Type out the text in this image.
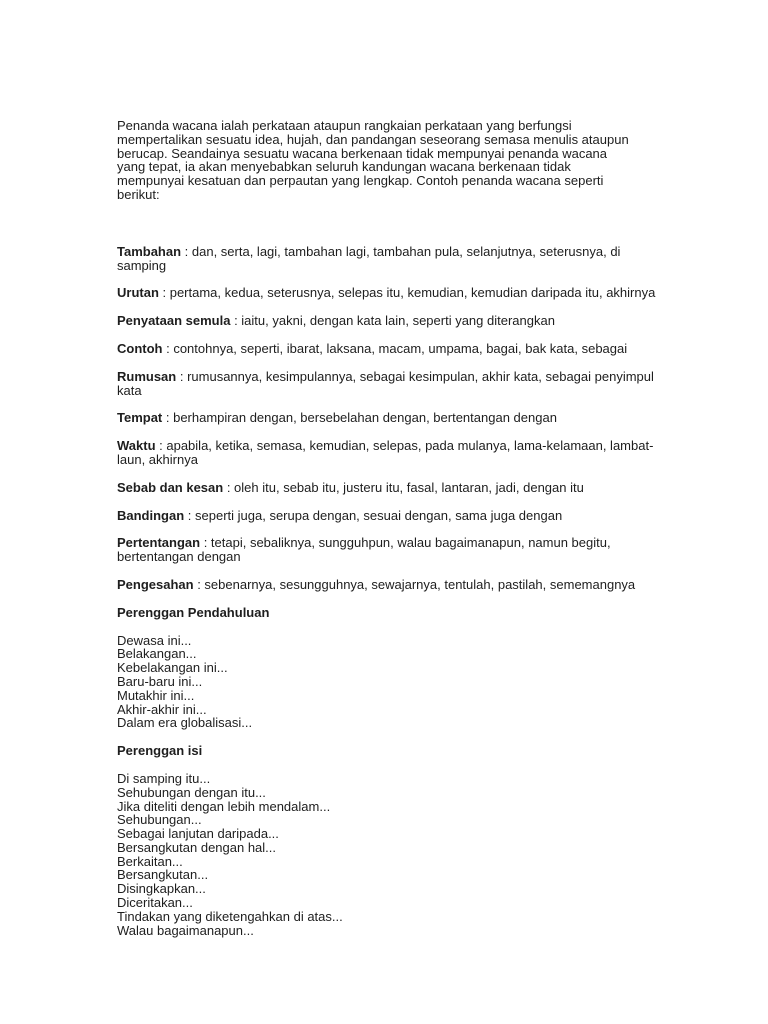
Penanda wacana ialah perkataan ataupun rangkaian perkataan yang berfungsi mempertalikan sesuatu idea, hujah, dan pandangan seseorang semasa menulis ataupun berucap. Seandainya sesuatu wacana berkenaan tidak mempunyai penanda wacana yang tepat, ia akan menyebabkan seluruh kandungan wacana berkenaan tidak mempunyai kesatuan dan perpautan yang lengkap. Contoh penanda wacana seperti berikut:

Tambahan : dan, serta, lagi, tambahan lagi, tambahan pula, selanjutnya, seterusnya, di samping

Urutan : pertama, kedua, seterusnya, selepas itu, kemudian, kemudian daripada itu, akhirnya

Penyataan semula : iaitu, yakni, dengan kata lain, seperti yang diterangkan

Contoh : contohnya, seperti, ibarat, laksana, macam, umpama, bagai, bak kata, sebagai

Rumusan : rumusannya, kesimpulannya, sebagai kesimpulan, akhir kata, sebagai penyimpul kata

Tempat : berhampiran dengan, bersebelahan dengan, bertentangan dengan

Waktu : apabila, ketika, semasa, kemudian, selepas, pada mulanya, lama-kelamaan, lambat-laun, akhirnya

Sebab dan kesan : oleh itu, sebab itu, justeru itu, fasal, lantaran, jadi, dengan itu

Bandingan : seperti juga, serupa dengan, sesuai dengan, sama juga dengan

Pertentangan : tetapi, sebaliknya, sungguhpun, walau bagaimanapun, namun begitu, bertentangan dengan

Pengesahan : sebenarnya, sesungguhnya, sewajarnya, tentulah, pastilah, sememangnya

Perenggan Pendahuluan
Dewasa ini...
Belakangan...
Kebelakangan ini...
Baru-baru ini...
Mutakhir ini...
Akhir-akhir ini...
Dalam era globalisasi...
Perenggan isi
Di samping itu...
Sehubungan dengan itu...
Jika diteliti dengan lebih mendalam...
Sehubungan...
Sebagai lanjutan daripada...
Bersangkutan dengan hal...
Berkaitan...
Bersangkutan...
Disingkapkan...
Diceritakan...
Tindakan yang diketengahkan di atas...
Walau bagaimanapun...
